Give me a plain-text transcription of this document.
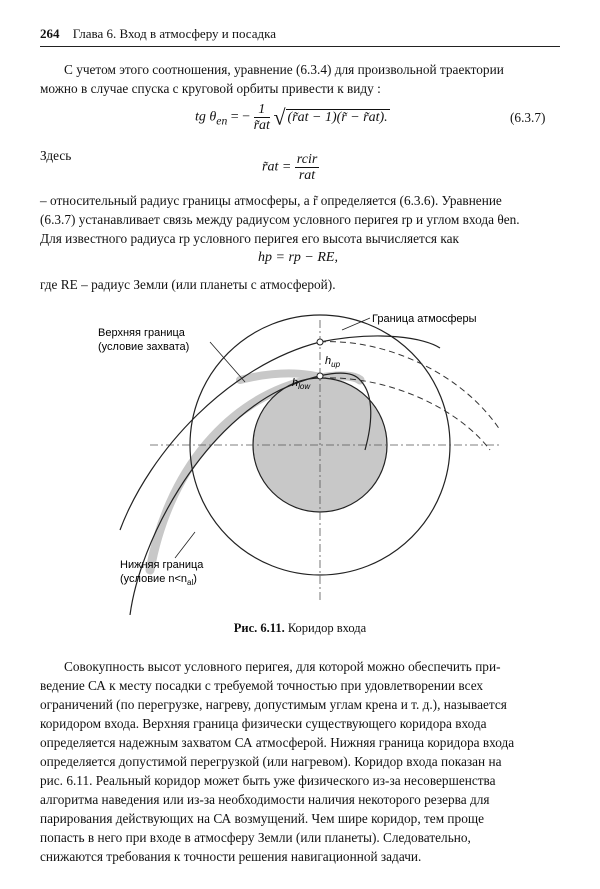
264 Глава 6. Вход в атмосферу и посадка

С учетом этого соотношения, уравнение (6.3.4) для произвольной траектории

можно в случае спуска с круговой орбиты привести к виду :

tg $\theta_{en}$ = − $\frac{1}{r̃at}$ √ (r̃at − 1)(r̃ − r̃at).	(6.3.7)
Здесь
r̃at = $\frac{\text{rcir}}{\text{rat}}$

– относительный радиус границы атмосферы, а r̃ определяется (6.3.6). Уравнение

(6.3.7) устанавливает связь между радиусом условного перигея rp и углом входа θen.

Для известного радиуса rp условного перигея его высота вычисляется как

hp = rp − RE,
где RE – радиус Земли (или планеты с атмосферой).
Граница атмосферы
Верхняя граница
(условие захвата)
Нижняя граница
(условие $n<n_{al}$)
$h_{up}$
$h_{low}$
Рис. 6.11. Коридор входа

Совокупность высот условного перигея, для которой можно обеспечить при-

ведение СА к месту посадки с требуемой точностью при удовлетворении всех

ограничений (по перегрузке, нагреву, допустимым углам крена и т. д.), называется

коридором входа. Верхняя граница физически существующего коридора входа

определяется надежным захватом СА атмосферой. Нижняя граница коридора входа

определяется допустимой перегрузкой (или нагревом). Коридор входа показан на

рис. 6.11. Реальный коридор может быть уже физического из-за несовершенства

алгоритма наведения или из-за необходимости наличия некоторого резерва для

парирования действующих на СА возмущений. Чем шире коридор, тем проще

попасть в него при входе в атмосферу Земли (или планеты). Следовательно,

снижаются требования к точности решения навигационной задачи.
